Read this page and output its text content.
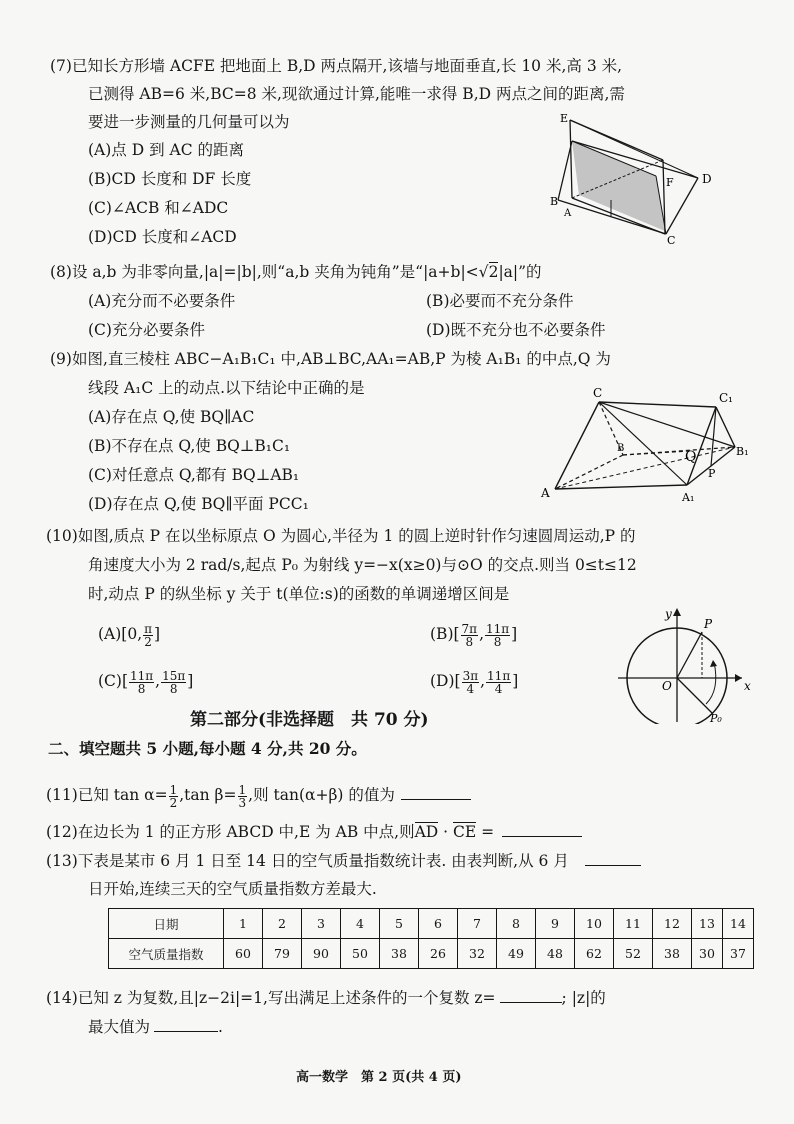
(7)已知长方形墙 ACFE 把地面上 B,D 两点隔开,该墙与地面垂直,长 10 米,高 3 米,
已测得 AB=6 米,BC=8 米,现欲通过计算,能唯一求得 B,D 两点之间的距离,需
要进一步测量的几何量可以为
(A)点 D 到 AC 的距离
(B)CD 长度和 DF 长度
(C)∠ACB 和∠ADC
(D)CD 长度和∠ACD
E
F D
B
C
A
(8)设 a,b 为非零向量,|a|=|b|,则“a,b 夹角为钝角”是“|a+b|<√2|a|”的
(A)充分而不必要条件	(B)必要而不充分条件
(C)充分必要条件	(D)既不充分也不必要条件
(9)如图,直三棱柱 ABC−A₁B₁C₁ 中,AB⊥BC,AA₁=AB,P 为棱 A₁B₁ 的中点,Q 为
线段 A₁C 上的动点.以下结论中正确的是
(A)存在点 Q,使 BQ∥AC
(B)不存在点 Q,使 BQ⊥B₁C₁
(C)对任意点 Q,都有 BQ⊥AB₁
(D)存在点 Q,使 BQ∥平面 PCC₁
C	C₁
B
Q	B₁
P
A	A₁
(10)如图,质点 P 在以坐标原点 O 为圆心,半径为 1 的圆上逆时针作匀速圆周运动,P 的
角速度大小为 2 rad/s,起点 P₀ 为射线 y=−x(x≥0)与⊙O 的交点.则当 0≤t≤12
时,动点 P 的纵坐标 y 关于 t(单位:s)的函数的单调递增区间是
(A)[0, $\frac{\pi}{2}$ ]	$(B)[ \frac{7\pi}{8}$ , $\frac{11\pi}{8}$ ]
$(C)[ \frac{11\pi}{8}$ , $\frac{15\pi}{8}$ ]	$(D)[ \frac{3\pi}{4}$ , $\frac{11\pi}{4}$ ]
y
P
O	x
P₀
第二部分(非选择题　共 70 分)
二、填空题共 5 小题,每小题 4 分,共 20 分。
(11)已知 $\tan \alpha= \frac{1}{2} ,\tan$ $\beta= \frac{1}{3}$ ,则 tan(α+β) 的值为
(12)在边长为 1 的正方形 ABCD 中,E 为 AB 中点,则AD · CE =
(13)下表是某市 6 月 1 日至 14 日的空气质量指数统计表. 由表判断,从 6 月
日开始,连续三天的空气质量指数方差最大.
日期	1	2	3	4	5	6	7	8	9	10	11	12	13	14
空气质量指数	60	79	90	50	38	26	32	49	48	62	52	38	30	37
(14)已知 z 为复数,且|z−2i|=1,写出满足上述条件的一个复数 z=	; |z|的
最大值为	.
高一数学　第 2 页(共 4 页)
